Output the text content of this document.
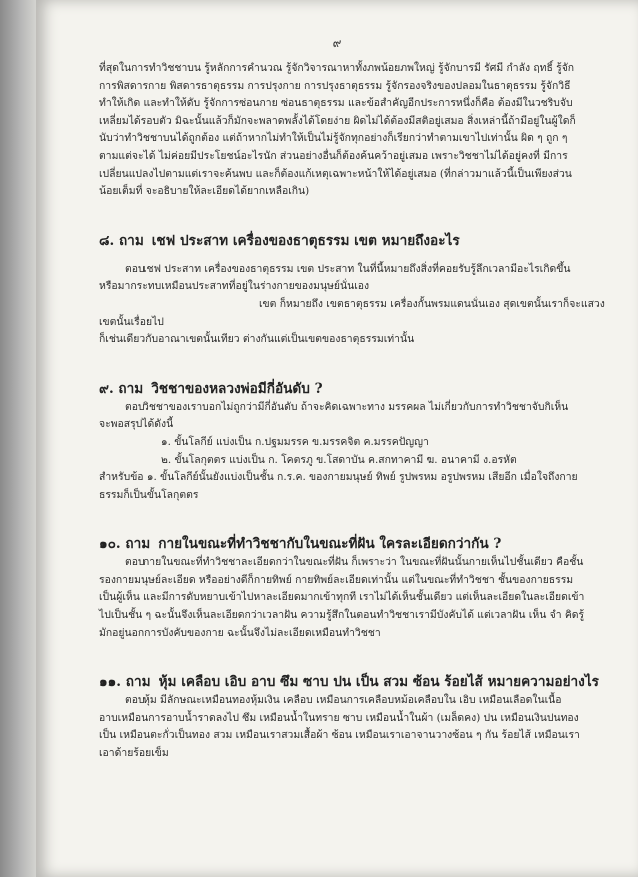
๙

ที่สุดในการทำวิชชาบน รู้หลักการคำนวณ รู้จักวิจารณาหาทั้งภพน้อยภพใหญ่ รู้จักบารมี รัศมี กำลัง ฤทธิ์ รู้จัก

การพิสดารกาย พิสดารธาตุธรรม การปรุงกาย การปรุงธาตุธรรม รู้จักรองจริงของปลอมในธาตุธรรม รู้จักวิธี

ทำให้เกิด และทำให้ดับ รู้จักการซ่อนกาย ซ่อนธาตุธรรม และข้อสำคัญอีกประการหนึ่งก็คือ ต้องมีในวชริบจับ

เหลี่ยมได้รอบตัว มิฉะนั้นแล้วก็มักจะพลาดพลั้งได้โดยง่าย ผิดไม่ได้ต้องมีสติอยู่เสมอ สิ่งเหล่านี้ถ้ามีอยู่ในผู้ใดก็

นับว่าทำวิชชาบนได้ถูกต้อง แต่ถ้าหากไม่ทำให้เป็นไม่รู้จักทุกอย่างก็เรียกว่าทำตามเขาไปเท่านั้น ผิด ๆ ถูก ๆ

ตามแต่จะได้ ไม่ค่อยมีประโยชน์อะไรนัก ส่วนอย่างอื่นก็ต้องค้นคว้าอยู่เสมอ เพราะวิชชาไม่ได้อยู่คงที่ มีการ

เปลี่ยนแปลงไปตามแต่เราจะค้นพบ และก็ต้องแก้เหตุเฉพาะหน้าให้ได้อยู่เสมอ (ที่กล่าวมาแล้วนี้เป็นเพียงส่วน

น้อยเต็มที่ จะอธิบายให้ละเอียดได้ยากเหลือเกิน)

๘. ถาม เชฟ ประสาท เครื่องของธาตุธรรม เขต หมายถึงอะไร

ตอบเชฟ ประสาท เครื่องของธาตุธรรม เขต ประสาท ในที่นี้หมายถึงสิ่งที่คอยรับรู้ลึกเวลามีอะไรเกิดขึ้น

หรือมากระทบเหมือนประสาทที่อยู่ในร่างกายของมนุษย์นั่นเอง

เขต ก็หมายถึง เขตธาตุธรรม เครื่องกั้นพรมแดนนั่นเอง สุดเขตนั้นเราก็จะแสวงเขตนั้นเรื่อยไป

ก็เช่นเดียวกับอาณาเขตนั้นเทียว ต่างกันแต่เป็นเขตของธาตุธรรมเท่านั้น

๙. ถาม วิชชาของหลวงพ่อมีกี่อันดับ ?

ตอบวิชชาของเราบอกไม่ถูกว่ามีกี่อันดับ ถ้าจะคิดเฉพาะทาง มรรคผล ไม่เกี่ยวกับการทำวิชชาจับกิเห็น

จะพอสรุปได้ดังนี้

๑. ขั้นโลกีย์ แบ่งเป็น ก.ปฐมมรรค ข.มรรคจิต ค.มรรคปัญญา

๒. ขั้นโลกุตตร แบ่งเป็น ก. โคตรภู ข.โสดาบัน ค.สกทาคามี ฆ. อนาคามี ง.อรหัต

สำหรับข้อ ๑. ขั้นโลกีย์นั้นยังแบ่งเป็นชั้น ก.ร.ค. ของกายมนุษย์ ทิพย์ รูปพรหม อรูปพรหม เสียอีก เมื่อใจถึงกาย

ธรรมก็เป็นขั้นโลกุตตร

๑๐. ถาม กายในขณะที่ทำวิชชากับในขณะที่ฝัน ใครละเอียดกว่ากัน ?

ตอบกายในขณะที่ทำวิชชาละเอียดกว่าในขณะที่ฝัน ก็เพราะว่า ในขณะที่ฝันนั้นกายเห็นไปชั้นเดียว คือชั้น

รองกายมนุษย์ละเอียด หรืออย่างดีก็กายทิพย์ กายทิพย์ละเอียดเท่านั้น แต่ในขณะที่ทำวิชชา ชั้นของกายธรรม

เป็นผู้เห็น และมีการดับหยาบเข้าไปหาละเอียดมากเข้าทุกที เราไม่ได้เห็นชั้นเดียว แต่เห็นละเอียดในละเอียดเข้า

ไปเป็นชั้น ๆ ฉะนั้นจึงเห็นละเอียดกว่าเวลาฝัน ความรู้สึกในตอนทำวิชชาเรามีบังคับได้ แต่เวลาฝัน เห็น จำ คิดรู้

มักอยู่นอกการบังคับของกาย ฉะนั้นจึงไม่ละเอียดเหมือนทำวิชชา

๑๑. ถาม หุ้ม เคลือบ เอิบ อาบ ซึม ซาบ ปน เป็น สวม ซ้อน ร้อยไส้ หมายความอย่างไร

ตอบหุ้ม มีลักษณะเหมือนทองหุ้มเงิน เคลือบ เหมือนการเคลือบหม้อเคลือบใน เอิบ เหมือนเลือดในเนื้อ

อาบเหมือนการอาบน้ำราดลงไป ซึม เหมือนน้ำในทราย ซาบ เหมือนน้ำในผ้า (เมล็ดคง) ปน เหมือนเงินปนทอง

เป็น เหมือนตะกั่วเป็นทอง สวม เหมือนเราสวมเสื้อผ้า ซ้อน เหมือนเราเอาจานวางซ้อน ๆ กัน ร้อยไส้ เหมือนเรา

เอาด้ายร้อยเข็ม
